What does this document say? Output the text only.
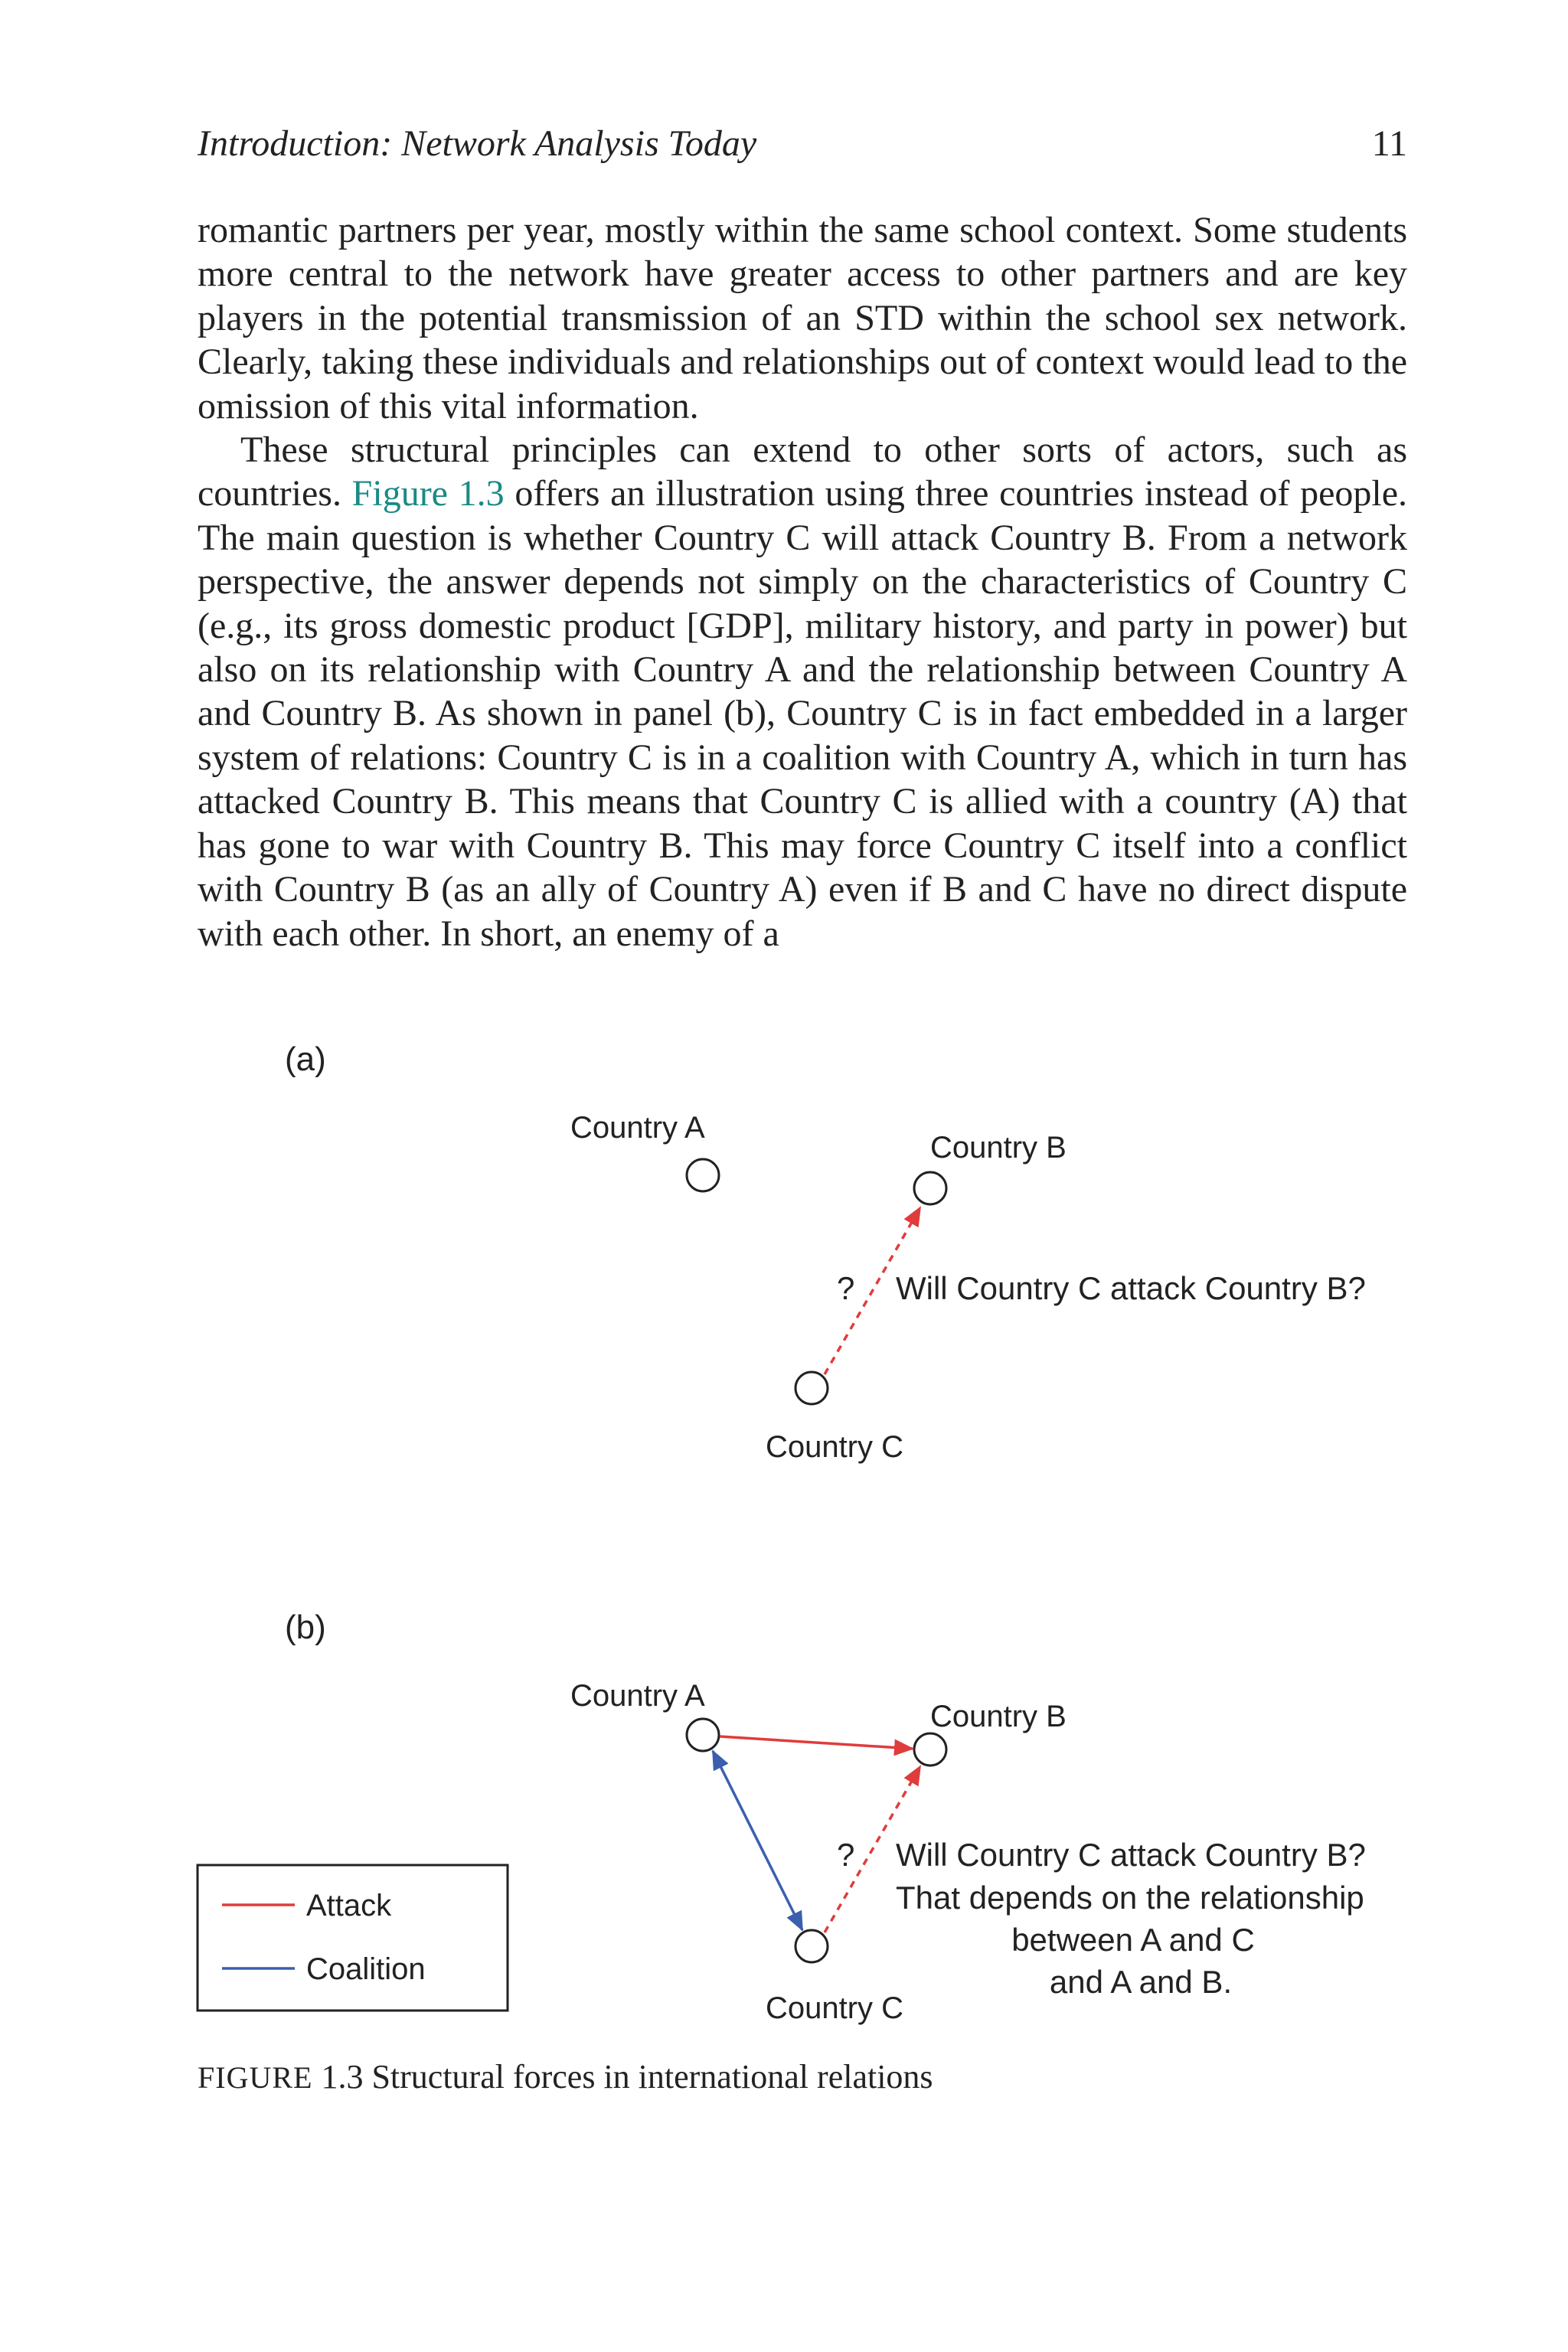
Introduction: Network Analysis Today	11

romantic partners per year, mostly within the same school context. Some students more central to the network have greater access to other partners and are key players in the potential transmission of an STD within the school sex network. Clearly, taking these individuals and relationships out of context would lead to the omission of this vital information.

These structural principles can extend to other sorts of actors, such as countries. Figure 1.3 offers an illustration using three countries instead of people. The main question is whether Country C will attack Country B. From a network perspective, the answer depends not simply on the characteristics of Country C (e.g., its gross domestic product [GDP], military history, and party in power) but also on its relationship with Country A and the relationship between Country A and Country B. As shown in panel (b), Country C is in fact embedded in a larger system of relations: Country C is in a coalition with Country A, which in turn has attacked Country B. This means that Country C is allied with a country (A) that has gone to war with Country B. This may force Country C itself into a conflict with Country B (as an ally of Country A) even if B and C have no direct dispute with each other. In short, an enemy of a

(a)
Country A
Country B
? Will Country C attack Country B?
Country C
(b)
Country A
Country B
Country C
? Will Country C attack Country B?
That depends on the relationship
between A and C
and A and B.
Attack
Coalition
FIGURE 1.3 Structural forces in international relations
